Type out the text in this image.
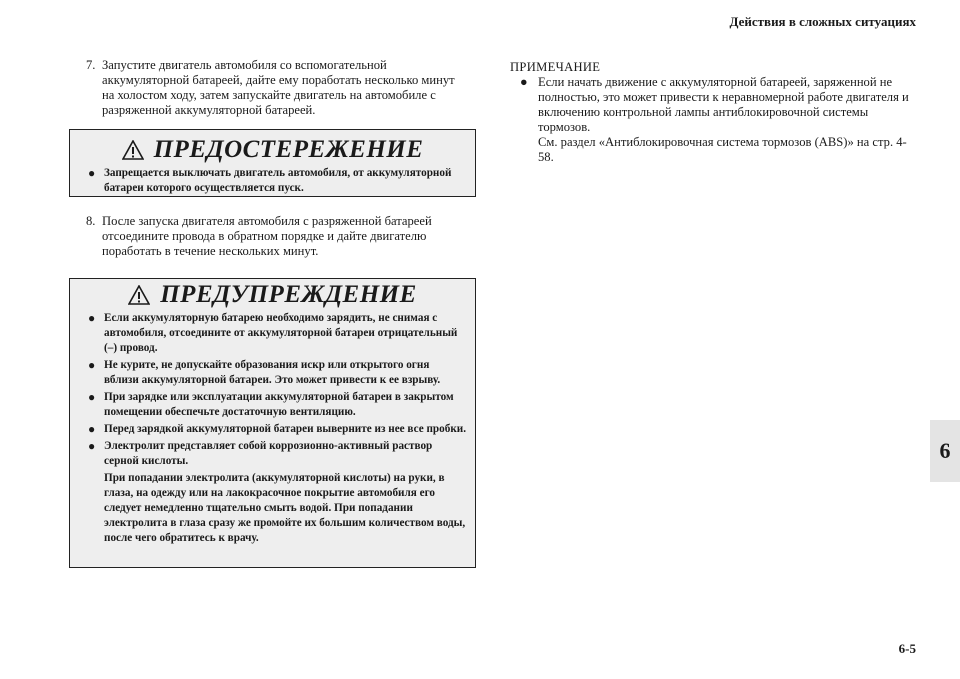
Действия в сложных ситуациях
6
6-5
7. Запустите двигатель автомобиля со вспомогательной аккумуляторной батареей, дайте ему поработать несколько минут на холостом ходу, затем запускайте двигатель на автомобиле с разряженной аккумуляторной батареей.
ПРЕДОСТЕРЕЖЕНИЕ
● Запрещается выключать двигатель автомобиля, от аккумуляторной батареи которого осуществляется пуск.
8. После запуска двигателя автомобиля с разряженной батареей отсоедините провода в обратном порядке и дайте двигателю поработать в течение нескольких минут.
ПРЕДУПРЕЖДЕНИЕ
● Если аккумуляторную батарею необходимо зарядить, не снимая с автомобиля, отсоедините от аккумуляторной батареи отрицательный (–) провод.
● Не курите, не допускайте образования искр или открытого огня вблизи аккумуляторной батареи. Это может привести к ее взрыву.
● При зарядке или эксплуатации аккумуляторной батареи в закрытом помещении обеспечьте достаточную вентиляцию.
● Перед зарядкой аккумуляторной батареи выверните из нее все пробки.
● Электролит представляет собой коррозионно-активный раствор серной кислоты.
При попадании электролита (аккумуляторной кислоты) на руки, в глаза, на одежду или на лакокрасочное покрытие автомобиля его следует немедленно тщательно смыть водой. При попадании электролита в глаза сразу же промойте их большим количеством воды, после чего обратитесь к врачу.
ПРИМЕЧАНИЕ
● Если начать движение с аккумуляторной батареей, заряженной не полностью, это может привести к неравномерной работе двигателя и включению контрольной лампы антиблокировочной системы тормозов.
См. раздел «Антиблокировочная система тормозов (ABS)» на стр. 4-58.
